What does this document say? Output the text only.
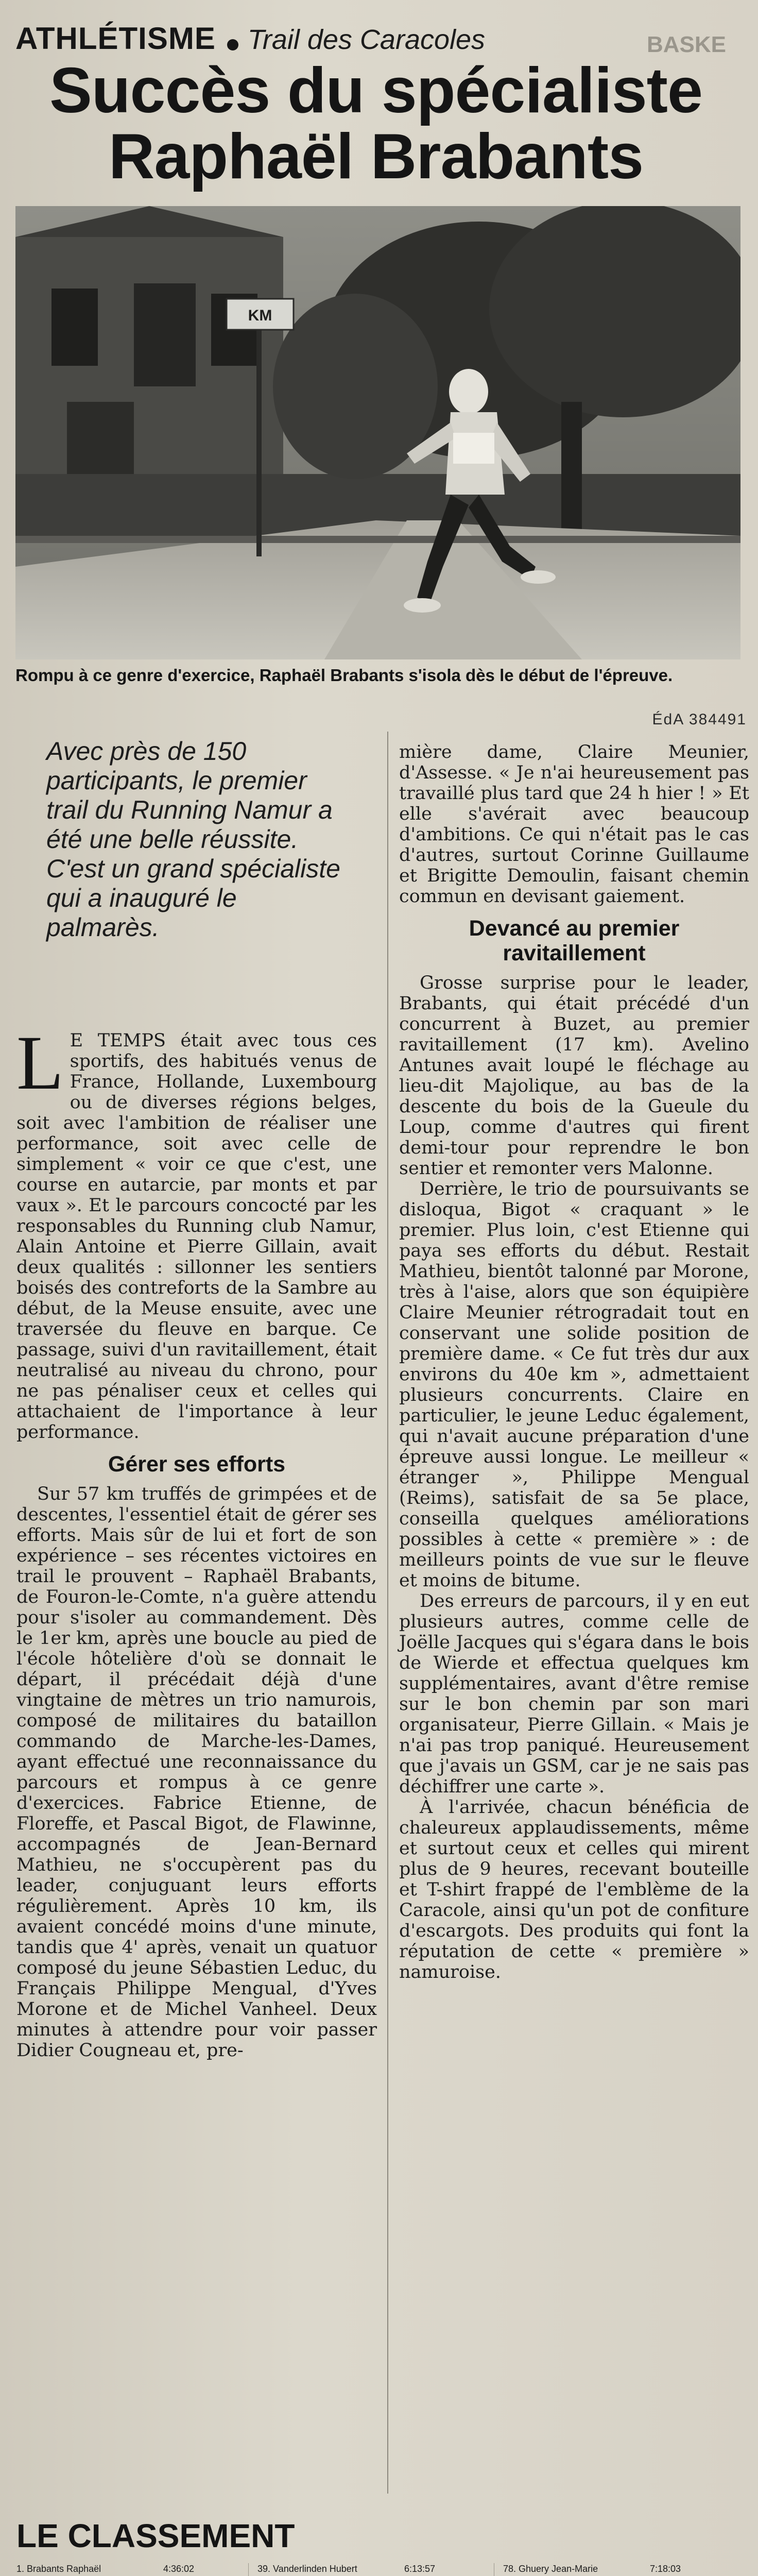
ATHLÉTISME Trail des Caracoles	BASKE
Succès du spécialiste
Raphaël Brabants
KM
Rompu à ce genre d'exercice, Raphaël Brabants s'isola dès le début de l'épreuve.
ÉdA 384491
Avec près de 150 participants, le premier trail du Running Namur a été une belle réussite. C'est un grand spécialiste qui a inauguré le palmarès.

L E TEMPS était avec tous ces sportifs, des habitués venus de France, Hollande, Luxembourg ou de diverses régions belges, soit avec l'ambition de réaliser une performance, soit avec celle de simplement « voir ce que c'est, une course en autarcie, par monts et par vaux ». Et le parcours concocté par les responsables du Running club Namur, Alain Antoine et Pierre Gillain, avait deux qualités : sillonner les sentiers boisés des contreforts de la Sambre au début, de la Meuse ensuite, avec une traversée du fleuve en barque. Ce passage, suivi d'un ravitaillement, était neutralisé au niveau du chrono, pour ne pas pénaliser ceux et celles qui attachaient de l'importance à leur performance.

Gérer ses efforts

Sur 57 km truffés de grimpées et de descentes, l'essentiel était de gérer ses efforts. Mais sûr de lui et fort de son expérience – ses récentes victoires en trail le prouvent – Raphaël Brabants, de Fouron-le-Comte, n'a guère attendu pour s'isoler au commandement. Dès le 1er km, après une boucle au pied de l'école hôtelière d'où se donnait le départ, il précédait déjà d'une vingtaine de mètres un trio namurois, composé de militaires du bataillon commando de Marche-les-Dames, ayant effectué une reconnaissance du parcours et rompus à ce genre d'exercices. Fabrice Etienne, de Floreffe, et Pascal Bigot, de Flawinne, accompagnés de Jean-Bernard Mathieu, ne s'occupèrent pas du leader, conjuguant leurs efforts régulièrement. Après 10 km, ils avaient concédé moins d'une minute, tandis que 4' après, venait un quatuor composé du jeune Sébastien Leduc, du Français Philippe Mengual, d'Yves Morone et de Michel Vanheel. Deux minutes à attendre pour voir passer Didier Cougneau et, pre-

mière dame, Claire Meunier, d'Assesse. « Je n'ai heureusement pas travaillé plus tard que 24 h hier ! » Et elle s'avérait avec beaucoup d'ambitions. Ce qui n'était pas le cas d'autres, surtout Corinne Guillaume et Brigitte Demoulin, faisant chemin commun en devisant gaiement.

Devancé au premier ravitaillement

Grosse surprise pour le leader, Brabants, qui était précédé d'un concurrent à Buzet, au premier ravitaillement (17 km). Avelino Antunes avait loupé le fléchage au lieu-dit Majolique, au bas de la descente du bois de la Gueule du Loup, comme d'autres qui firent demi-tour pour reprendre le bon sentier et remonter vers Malonne.

Derrière, le trio de poursuivants se disloqua, Bigot « craquant » le premier. Plus loin, c'est Etienne qui paya ses efforts du début. Restait Mathieu, bientôt talonné par Morone, très à l'aise, alors que son équipière Claire Meunier rétrogradait tout en conservant une solide position de première dame. « Ce fut très dur aux environs du 40e km », admettaient plusieurs concurrents. Claire en particulier, le jeune Leduc également, qui n'avait aucune préparation d'une épreuve aussi longue. Le meilleur « étranger », Philippe Mengual (Reims), satisfait de sa 5e place, conseilla quelques améliorations possibles à cette « première » : de meilleurs points de vue sur le fleuve et moins de bitume.

Des erreurs de parcours, il y en eut plusieurs autres, comme celle de Joëlle Jacques qui s'égara dans le bois de Wierde et effectua quelques km supplémentaires, avant d'être remise sur le bon chemin par son mari organisateur, Pierre Gillain. « Mais je n'ai pas trop paniqué. Heureusement que j'avais un GSM, car je ne sais pas déchiffrer une carte ».

À l'arrivée, chacun bénéficia de chaleureux applaudissements, même et surtout ceux et celles qui mirent plus de 9 heures, recevant bouteille et T-shirt frappé de l'emblème de la Caracole, ainsi qu'un pot de confiture d'escargots. Des produits qui font la réputation de cette « première » namuroise.

LE CLASSEMENT
1. Brabants Raphaël	4:36:02	39. Vanderlinden Hubert	6:13:57	78. Ghuery Jean-Marie	7:18:03
